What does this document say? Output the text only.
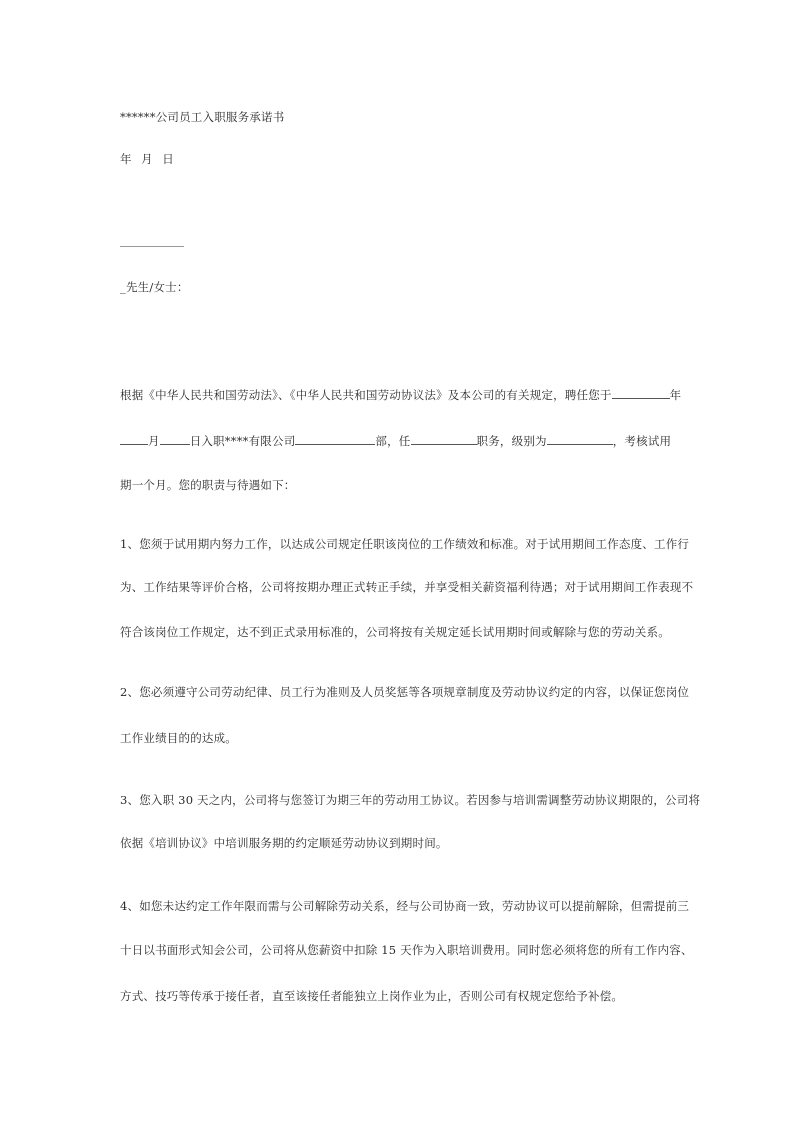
******公司员工入职服务承诺书
年 月 日
_先生/女士：
根据《中华人民共和国劳动法》、《中华人民共和国劳动协议法》及本公司的有关规定，聘任您于	年
月	日入职****有限公司	部，任	职务，级别为	，考核试用
期一个月。您的职责与待遇如下：
1、您须于试用期内努力工作，以达成公司规定任职该岗位的工作绩效和标准。对于试用期间工作态度、工作行
为、工作结果等评价合格，公司将按期办理正式转正手续，并享受相关薪资福利待遇；对于试用期间工作表现不
符合该岗位工作规定，达不到正式录用标准的，公司将按有关规定延长试用期时间或解除与您的劳动关系。
2、您必须遵守公司劳动纪律、员工行为准则及人员奖惩等各项规章制度及劳动协议约定的内容，以保证您岗位
工作业绩目的的达成。
3、您入职 30 天之内，公司将与您签订为期三年的劳动用工协议。若因参与培训需调整劳动协议期限的，公司将
依据《培训协议》中培训服务期的约定顺延劳动协议到期时间。
4、如您未达约定工作年限而需与公司解除劳动关系，经与公司协商一致，劳动协议可以提前解除，但需提前三
十日以书面形式知会公司，公司将从您薪资中扣除 15 天作为入职培训费用。同时您必须将您的所有工作内容、
方式、技巧等传承于接任者，直至该接任者能独立上岗作业为止，否则公司有权规定您给予补偿。
